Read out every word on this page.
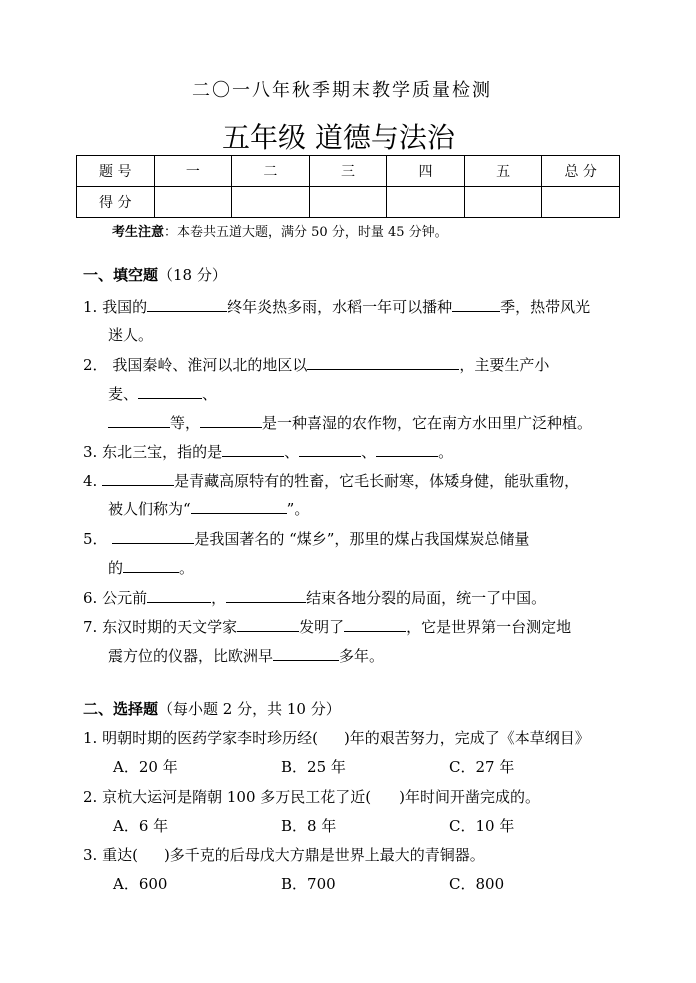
二〇一八年秋季期末教学质量检测
五年级 道德与法治
题 号	一	二	三	四	五	总 分
得 分						
考生注意：本卷共五道大题，满分 50 分，时量 45 分钟。
一、填空题（18 分）
1. 我国的	终年炎热多雨，水稻一年可以播种	季，热带风光
迷人。
2． 我国秦岭、淮河以北的地区以	，主要生产小
麦、	、
等，	是一种喜湿的农作物，它在南方水田里广泛种植。
3. 东北三宝，指的是	、	、	。
4.	是青藏高原特有的牲畜，它毛长耐寒，体矮身健，能驮重物，
被人们称为“	”。
5．	是我国著名的 “煤乡”，那里的煤占我国煤炭总储量
的	。
6. 公元前	，	结束各地分裂的局面，统一了中国。
7. 东汉时期的天文学家	发明了	，它是世界第一台测定地
震方位的仪器，比欧洲早	多年。
二、选择题（每小题 2 分，共 10 分）
1. 明朝时期的医药学家李时珍历经( )年的艰苦努力，完成了《本草纲目》
A．20 年	B．25 年	C．27 年
2. 京杭大运河是隋朝 100 多万民工花了近( )年时间开凿完成的。
A．6 年	B．8 年	C．10 年
3. 重达( )多千克的后母戊大方鼎是世界上最大的青铜器。
A．600	B．700	C．800
